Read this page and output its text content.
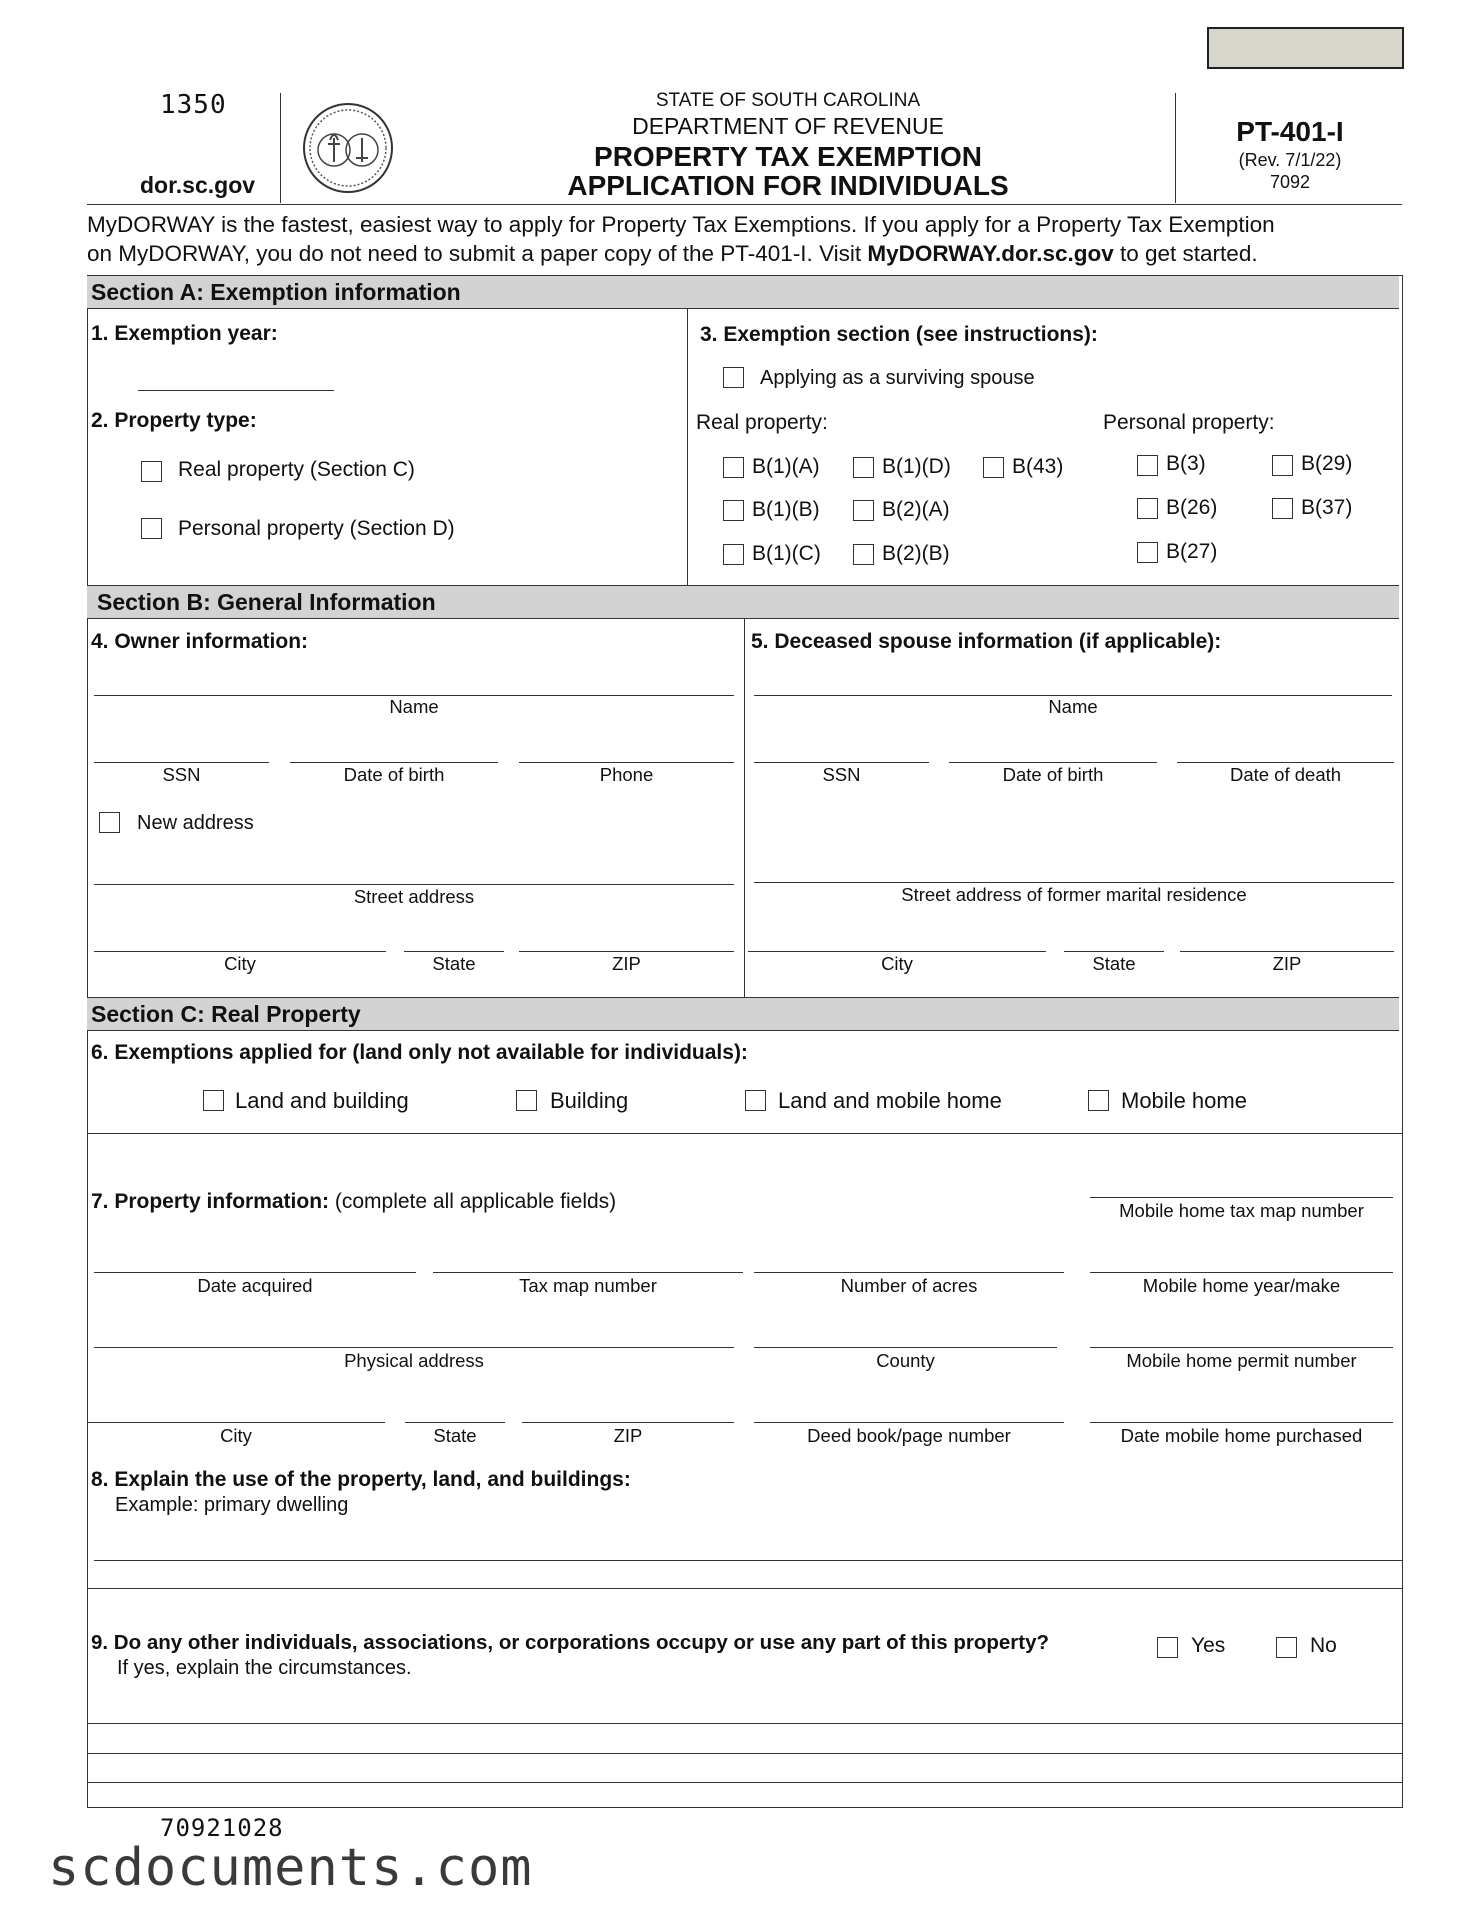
1350
dor.sc.gov
STATE OF SOUTH CAROLINA
DEPARTMENT OF REVENUE
PROPERTY TAX EXEMPTION
APPLICATION FOR INDIVIDUALS
PT-401-I
(Rev. 7/1/22)
7092
MyDORWAY is the fastest, easiest way to apply for Property Tax Exemptions. If you apply for a Property Tax Exemption
on MyDORWAY, you do not need to submit a paper copy of the PT-401-I. Visit MyDORWAY.dor.sc.gov to get started.
Section A: Exemption information
1. Exemption year:
2. Property type:
Real property (Section C)
Personal property (Section D)
3. Exemption section (see instructions):
Applying as a surviving spouse
Real property:	Personal property:
B(1)(A)	B(1)(D)	B(43)
B(1)(B)	B(2)(A)
B(1)(C)	B(2)(B)
B(3)	B(29)
B(26)	B(37)
B(27)
Section B: General Information
4. Owner information:	5. Deceased spouse information (if applicable):
Name
SSN	Date of birth	Phone
New address
Street address
City	State	ZIP
Name
SSN	Date of birth	Date of death
Street address of former marital residence
City	State	ZIP
Section C: Real Property
6. Exemptions applied for (land only not available for individuals):
Land and building	Building	Land and mobile home	Mobile home
7. Property information: (complete all applicable fields)	Mobile home tax map number
Date acquired	Tax map number	Number of acres	Mobile home year/make
Physical address	County	Mobile home permit number
City	State	ZIP	Deed book/page number	Date mobile home purchased
8. Explain the use of the property, land, and buildings:
Example: primary dwelling
9. Do any other individuals, associations, or corporations occupy or use any part of this property?
If yes, explain the circumstances.
Yes	No
70921028
scdocuments.com
